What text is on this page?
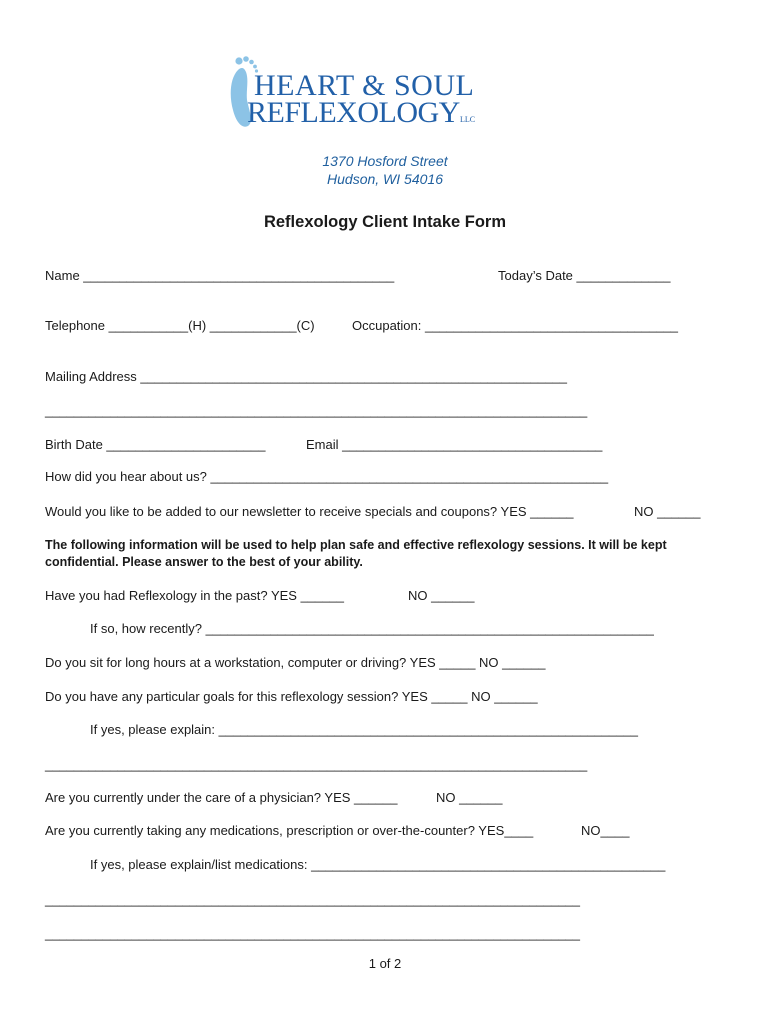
HEART & SOUL
REFLEXOLOGY LLC
1370 Hosford Street
Hudson, WI 54016
Reflexology Client Intake Form
Name ___________________________________________	Today’s Date _____________
Telephone ___________(H) ____________(C)	Occupation: ___________________________________
Mailing Address ___________________________________________________________
___________________________________________________________________________
Birth Date ______________________	Email ____________________________________
How did you hear about us? _______________________________________________________
Would you like to be added to our newsletter to receive specials and coupons? YES ______	NO ______
The following information will be used to help plan safe and effective reflexology sessions. It will be kept confidential. Please answer to the best of your ability.
Have you had Reflexology in the past? YES ______	NO ______
If so, how recently? ______________________________________________________________
Do you sit for long hours at a workstation, computer or driving? YES _____ NO ______
Do you have any particular goals for this reflexology session? YES _____ NO ______
If yes, please explain: __________________________________________________________
___________________________________________________________________________
Are you currently under the care of a physician? YES ______	NO ______
Are you currently taking any medications, prescription or over-the-counter? YES____	NO____
If yes, please explain/list medications: _________________________________________________
__________________________________________________________________________
__________________________________________________________________________
1 of 2
